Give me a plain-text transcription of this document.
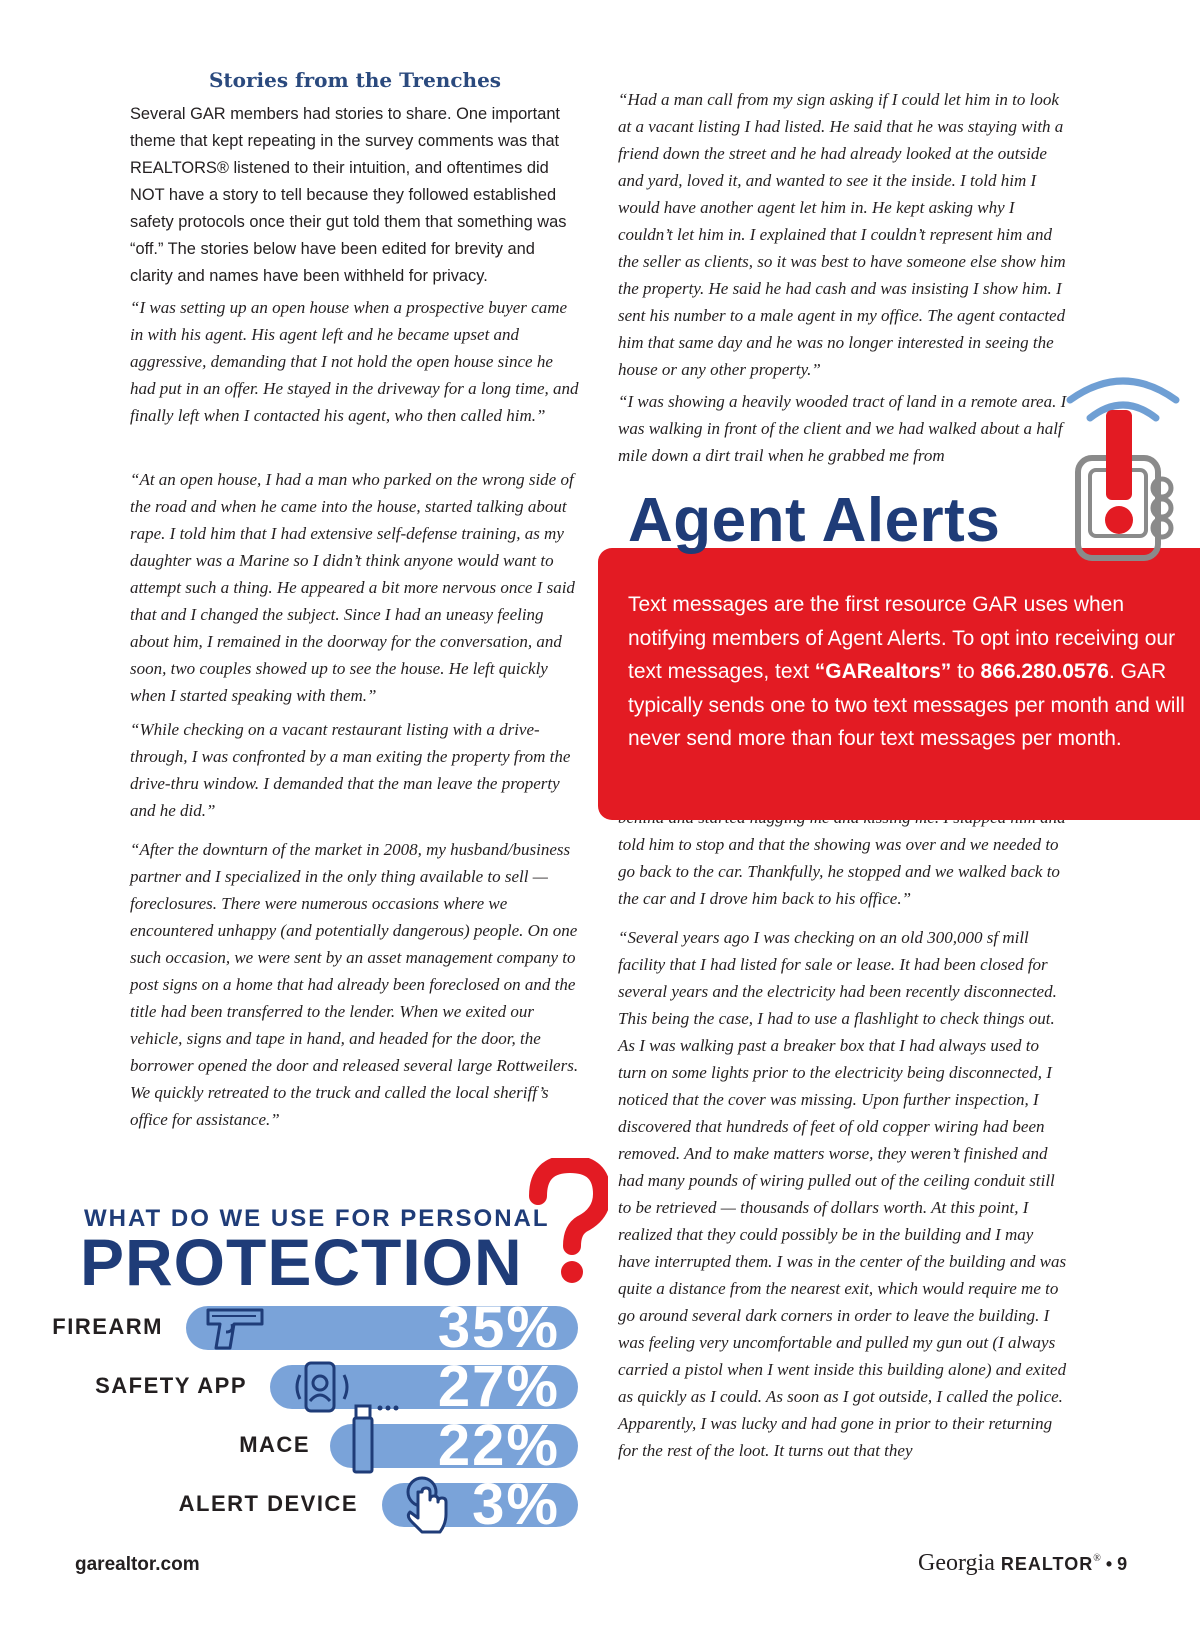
Stories from the Trenches

Several GAR members had stories to share. One important theme that kept repeating in the survey comments was that REALTORS® listened to their intuition, and oftentimes did NOT have a story to tell because they followed established safety protocols once their gut told them that something was “off.” The stories below have been edited for brevity and clarity and names have been withheld for privacy.

“I was setting up an open house when a prospective buyer came in with his agent. His agent left and he became upset and aggressive, demanding that I not hold the open house since he had put in an offer. He stayed in the driveway for a long time, and finally left when I contacted his agent, who then called him.”

“At an open house, I had a man who parked on the wrong side of the road and when he came into the house, started talking about rape. I told him that I had extensive self-defense training, as my daughter was a Marine so I didn’t think anyone would want to attempt such a thing. He appeared a bit more nervous once I said that and I changed the subject. Since I had an uneasy feeling about him, I remained in the doorway for the conversation, and soon, two couples showed up to see the house. He left quickly when I started speaking with them.”

“While checking on a vacant restaurant listing with a drive-through, I was confronted by a man exiting the property from the drive-thru window. I demanded that the man leave the property and he did.”

“After the downturn of the market in 2008, my husband/business partner and I specialized in the only thing available to sell — foreclosures. There were numerous occasions where we encountered unhappy (and potentially dangerous) people. On one such occasion, we were sent by an asset management company to post signs on a home that had already been foreclosed on and the title had been transferred to the lender. When we exited our vehicle, signs and tape in hand, and headed for the door, the borrower opened the door and released several large Rottweilers. We quickly retreated to the truck and called the local sheriff’s office for assistance.”

“Had a man call from my sign asking if I could let him in to look at a vacant listing I had listed. He said that he was staying with a friend down the street and he had already looked at the outside and yard, loved it, and wanted to see it the inside. I told him I would have another agent let him in. He kept asking why I couldn’t let him in. I explained that I couldn’t represent him and the seller as clients, so it was best to have someone else show him the property. He said he had cash and was insisting I show him. I sent his number to a male agent in my office. The agent contacted him that same day and he was no longer interested in seeing the house or any other property.”

“I was showing a heavily wooded tract of land in a remote area. I was walking in front of the client and we had walked about a half mile down a dirt trail when he grabbed me from

Agent Alerts

Text messages are the first resource GAR uses when notifying members of Agent Alerts. To opt into receiving our text messages, text “GARealtors” to 866.280.0576. GAR typically sends one to two text messages per month and will never send more than four text messages per month.

told him to stop and that the showing was over and we needed to go back to the car. Thankfully, he stopped and we walked back to the car and I drove him back to his office.”

“Several years ago I was checking on an old 300,000 sf mill facility that I had listed for sale or lease. It had been closed for several years and the electricity had been recently disconnected. This being the case, I had to use a flashlight to check things out. As I was walking past a breaker box that I had always used to turn on some lights prior to the electricity being disconnected, I noticed that the cover was missing. Upon further inspection, I discovered that hundreds of feet of old copper wiring had been removed. And to make matters worse, they weren’t finished and had many pounds of wiring pulled out of the ceiling conduit still to be retrieved — thousands of dollars worth. At this point, I realized that they could possibly be in the building and I may have interrupted them. I was in the center of the building and was quite a distance from the nearest exit, which would require me to go around several dark corners in order to leave the building. I was feeling very uncomfortable and pulled my gun out (I always carried a pistol when I went inside this building alone) and exited as quickly as I could. As soon as I got outside, I called the police. Apparently, I was lucky and had gone in prior to their returning for the rest of the loot. It turns out that they

WHAT DO WE USE FOR PERSONAL
PROTECTION

FIREARM	35%

SAFETY APP	27%

MACE	22%

ALERT DEVICE	3%

garealtor.com	Georgia REALTOR® • 9
